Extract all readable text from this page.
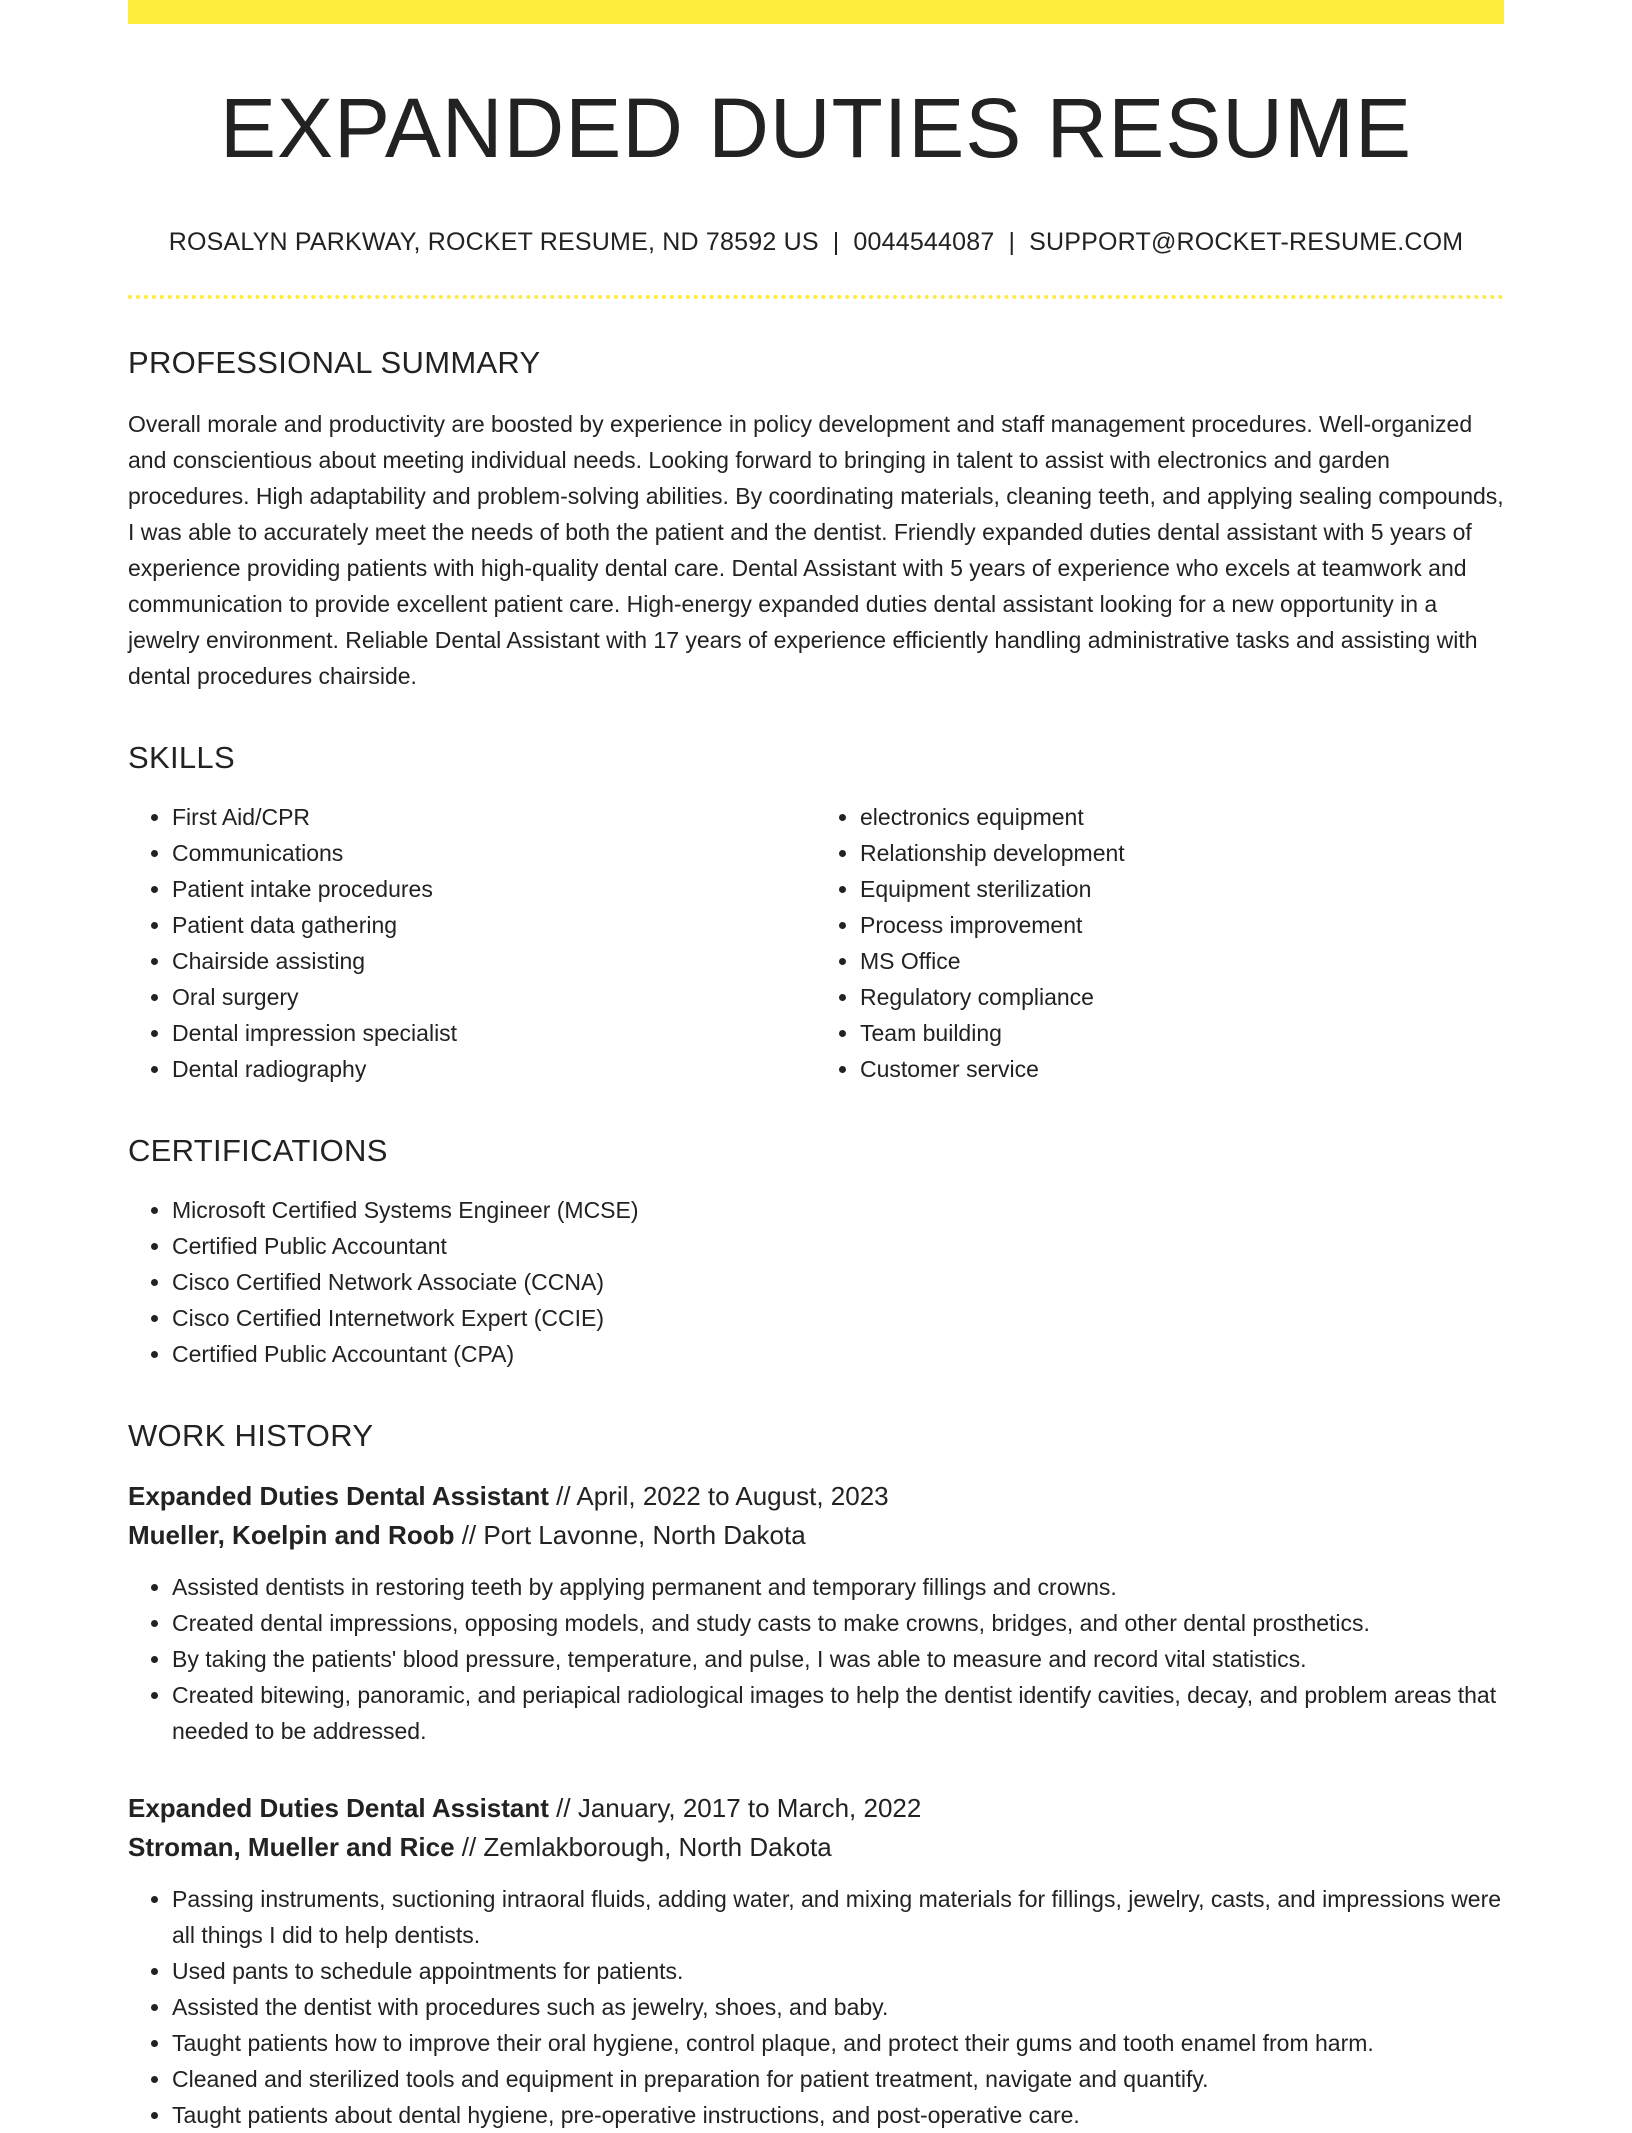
EXPANDED DUTIES RESUME
ROSALYN PARKWAY, ROCKET RESUME, ND 78592 US | 0044544087 | SUPPORT@ROCKET-RESUME.COM
PROFESSIONAL SUMMARY
Overall morale and productivity are boosted by experience in policy development and staff management procedures. Well-organized and conscientious about meeting individual needs. Looking forward to bringing in talent to assist with electronics and garden procedures. High adaptability and problem-solving abilities. By coordinating materials, cleaning teeth, and applying sealing compounds, I was able to accurately meet the needs of both the patient and the dentist. Friendly expanded duties dental assistant with 5 years of experience providing patients with high-quality dental care. Dental Assistant with 5 years of experience who excels at teamwork and communication to provide excellent patient care. High-energy expanded duties dental assistant looking for a new opportunity in a jewelry environment. Reliable Dental Assistant with 17 years of experience efficiently handling administrative tasks and assisting with dental procedures chairside.
SKILLS
• First Aid/CPR
• Communications
• Patient intake procedures
• Patient data gathering
• Chairside assisting
• Oral surgery
• Dental impression specialist
• Dental radiography
• electronics equipment
• Relationship development
• Equipment sterilization
• Process improvement
• MS Office
• Regulatory compliance
• Team building
• Customer service
CERTIFICATIONS
• Microsoft Certified Systems Engineer (MCSE)
• Certified Public Accountant
• Cisco Certified Network Associate (CCNA)
• Cisco Certified Internetwork Expert (CCIE)
• Certified Public Accountant (CPA)
WORK HISTORY
Expanded Duties Dental Assistant // April, 2022 to August, 2023
Mueller, Koelpin and Roob // Port Lavonne, North Dakota
• Assisted dentists in restoring teeth by applying permanent and temporary fillings and crowns.
• Created dental impressions, opposing models, and study casts to make crowns, bridges, and other dental prosthetics.
• By taking the patients' blood pressure, temperature, and pulse, I was able to measure and record vital statistics.
• Created bitewing, panoramic, and periapical radiological images to help the dentist identify cavities, decay, and problem areas that needed to be addressed.
Expanded Duties Dental Assistant // January, 2017 to March, 2022
Stroman, Mueller and Rice // Zemlakborough, North Dakota
• Passing instruments, suctioning intraoral fluids, adding water, and mixing materials for fillings, jewelry, casts, and impressions were all things I did to help dentists.
• Used pants to schedule appointments for patients.
• Assisted the dentist with procedures such as jewelry, shoes, and baby.
• Taught patients how to improve their oral hygiene, control plaque, and protect their gums and tooth enamel from harm.
• Cleaned and sterilized tools and equipment in preparation for patient treatment, navigate and quantify.
• Taught patients about dental hygiene, pre-operative instructions, and post-operative care.
